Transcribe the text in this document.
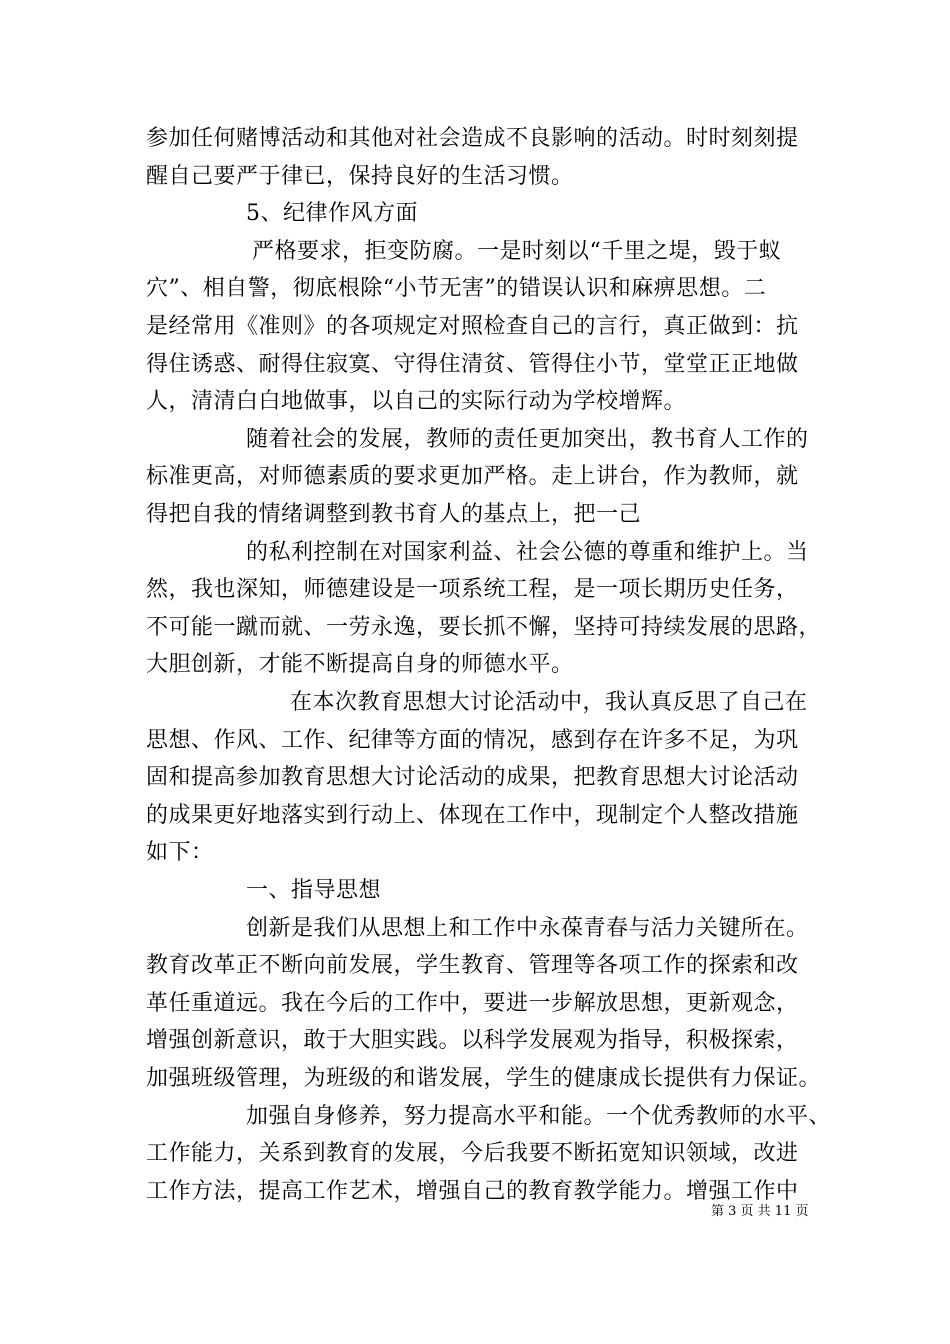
参加任何赌博活动和其他对社会造成不良影响的活动。时时刻刻提
醒自己要严于律已，保持良好的生活习惯。
5、纪律作风方面
严格要求，拒变防腐。一是时刻以“千里之堤，毁于蚁
穴”、相自警，彻底根除“小节无害”的错误认识和麻痹思想。二
是经常用《准则》的各项规定对照检查自己的言行，真正做到：抗
得住诱惑、耐得住寂寞、守得住清贫、管得住小节，堂堂正正地做
人，清清白白地做事，以自己的实际行动为学校增辉。
随着社会的发展，教师的责任更加突出，教书育人工作的
标准更高，对师德素质的要求更加严格。走上讲台，作为教师，就
得把自我的情绪调整到教书育人的基点上，把一己
的私利控制在对国家利益、社会公德的尊重和维护上。当
然，我也深知，师德建设是一项系统工程，是一项长期历史任务，
不可能一蹴而就、一劳永逸，要长抓不懈，坚持可持续发展的思路，
大胆创新，才能不断提高自身的师德水平。
在本次教育思想大讨论活动中，我认真反思了自己在
思想、作风、工作、纪律等方面的情况，感到存在许多不足，为巩
固和提高参加教育思想大讨论活动的成果，把教育思想大讨论活动
的成果更好地落实到行动上、体现在工作中，现制定个人整改措施
如下：
一、指导思想
创新是我们从思想上和工作中永葆青春与活力关键所在。
教育改革正不断向前发展，学生教育、管理等各项工作的探索和改
革任重道远。我在今后的工作中，要进一步解放思想，更新观念，
增强创新意识，敢于大胆实践。以科学发展观为指导，积极探索，
加强班级管理，为班级的和谐发展，学生的健康成长提供有力保证。
加强自身修养，努力提高水平和能。一个优秀教师的水平、
工作能力，关系到教育的发展，今后我要不断拓宽知识领域，改进
工作方法，提高工作艺术，增强自己的教育教学能力。增强工作中
第 3 页 共 11 页
